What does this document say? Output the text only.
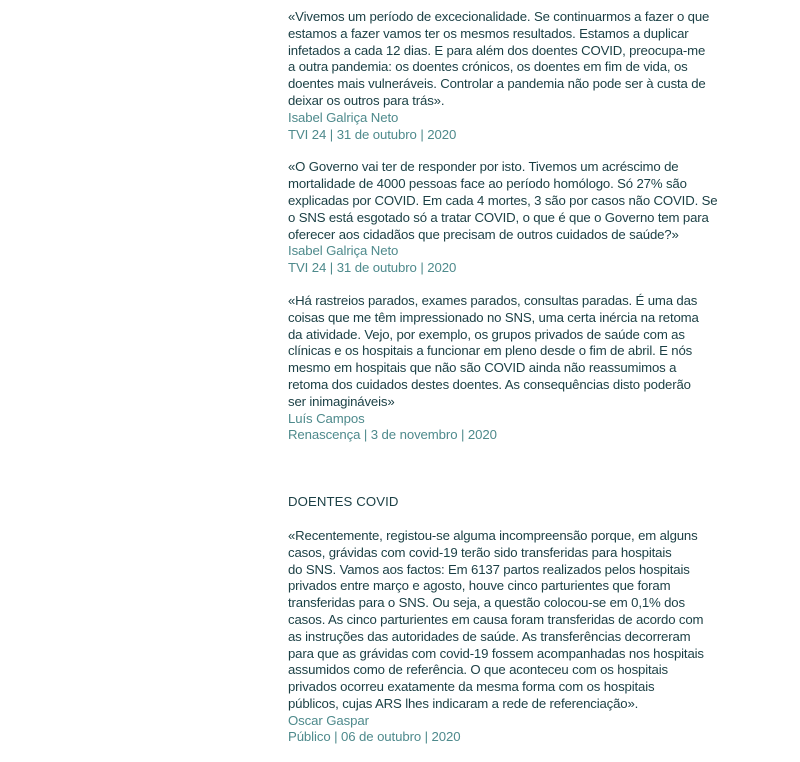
«Vivemos um período de excecionalidade. Se continuarmos a fazer o que
estamos a fazer vamos ter os mesmos resultados. Estamos a duplicar
infetados a cada 12 dias. E para além dos doentes COVID, preocupa-me
a outra pandemia: os doentes crónicos, os doentes em fim de vida, os
doentes mais vulneráveis. Controlar a pandemia não pode ser à custa de
deixar os outros para trás».

Isabel Galriça Neto

TVI 24 | 31 de outubro | 2020

«O Governo vai ter de responder por isto. Tivemos um acréscimo de
mortalidade de 4000 pessoas face ao período homólogo. Só 27% são
explicadas por COVID. Em cada 4 mortes, 3 são por casos não COVID. Se
o SNS está esgotado só a tratar COVID, o que é que o Governo tem para
oferecer aos cidadãos que precisam de outros cuidados de saúde?»

Isabel Galriça Neto

TVI 24 | 31 de outubro | 2020

«Há rastreios parados, exames parados, consultas paradas. É uma das
coisas que me têm impressionado no SNS, uma certa inércia na retoma
da atividade. Vejo, por exemplo, os grupos privados de saúde com as
clínicas e os hospitais a funcionar em pleno desde o fim de abril. E nós
mesmo em hospitais que não são COVID ainda não reassumimos a
retoma dos cuidados destes doentes. As consequências disto poderão
ser inimagináveis»

Luís Campos

Renascença | 3 de novembro | 2020

DOENTES COVID

«Recentemente, registou-se alguma incompreensão porque, em alguns
casos, grávidas com covid-19 terão sido transferidas para hospitais
do SNS. Vamos aos factos: Em 6137 partos realizados pelos hospitais
privados entre março e agosto, houve cinco parturientes que foram
transferidas para o SNS. Ou seja, a questão colocou-se em 0,1% dos
casos. As cinco parturientes em causa foram transferidas de acordo com
as instruções das autoridades de saúde. As transferências decorreram
para que as grávidas com covid-19 fossem acompanhadas nos hospitais
assumidos como de referência. O que aconteceu com os hospitais
privados ocorreu exatamente da mesma forma com os hospitais
públicos, cujas ARS lhes indicaram a rede de referenciação».

Oscar Gaspar

Público | 06 de outubro | 2020
